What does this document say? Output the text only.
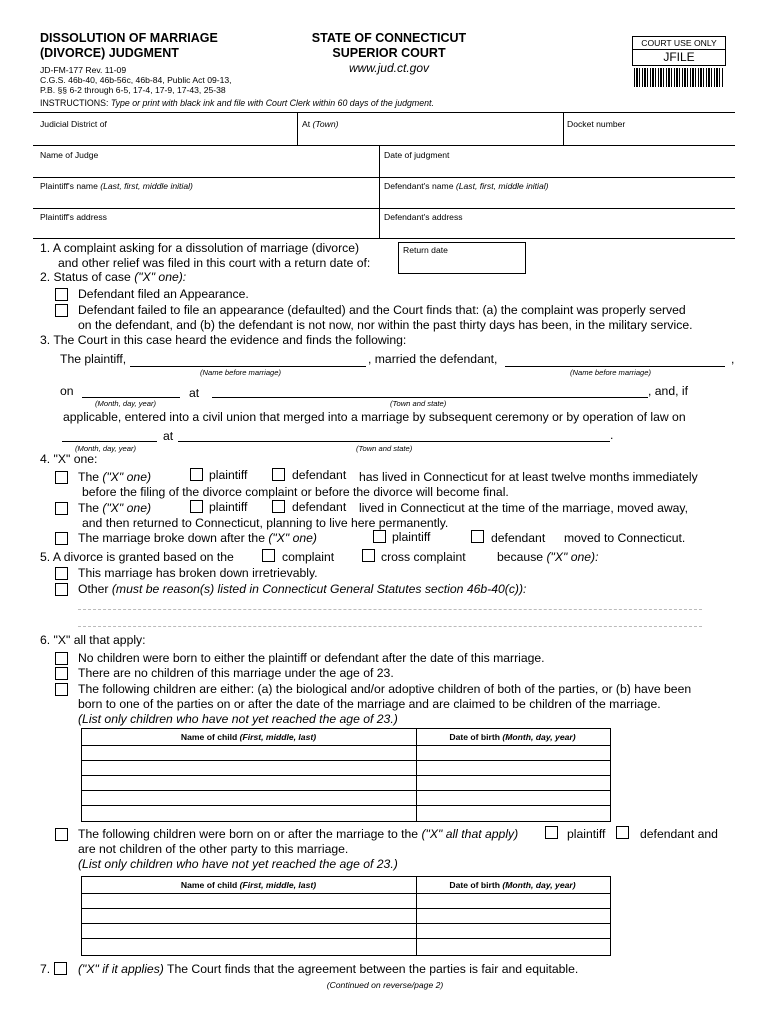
DISSOLUTION OF MARRIAGE
(DIVORCE) JUDGMENT
JD-FM-177 Rev. 11-09
C.G.S. 46b-40, 46b-56c, 46b-84, Public Act 09-13,
P.B. §§ 6-2 through 6-5, 17-4, 17-9, 17-43, 25-38
STATE OF CONNECTICUT
SUPERIOR COURT
www.jud.ct.gov
COURT USE ONLY
JFILE
INSTRUCTIONS: Type or print with black ink and file with Court Clerk within 60 days of the judgment.
Judicial District of	At (Town)	Docket number
Name of Judge	Date of judgment
Plaintiff's name (Last, first, middle initial)	Defendant's name (Last, first, middle initial)
Plaintiff's address	Defendant's address
1. A complaint asking for a dissolution of marriage (divorce)
and other relief was filed in this court with a return date of:
Return date
2. Status of case ("X" one):
Defendant filed an Appearance.
Defendant failed to file an appearance (defaulted) and the Court finds that: (a) the complaint was properly served
on the defendant, and (b) the defendant is not now, nor within the past thirty days has been, in the military service.
3. The Court in this case heard the evidence and finds the following:
The plaintiff,	, married the defendant,	,
(Name before marriage)	(Name before marriage)
on	at	, and, if
(Month, day, year)	(Town and state)
applicable, entered into a civil union that merged into a marriage by subsequent ceremony or by operation of law on
at	.
(Month, day, year)	(Town and state)
4. "X" one:
The ("X" one)	plaintiff	defendant has lived in Connecticut for at least twelve months immediately
before the filing of the divorce complaint or before the divorce will become final.
The ("X" one)	plaintiff	defendant lived in Connecticut at the time of the marriage, moved away,
and then returned to Connecticut, planning to live here permanently.
The marriage broke down after the ("X" one)	plaintiff	defendant moved to Connecticut.
5. A divorce is granted based on the	complaint	cross complaint	because ("X" one):
This marriage has broken down irretrievably.
Other (must be reason(s) listed in Connecticut General Statutes section 46b-40(c)):
6. "X" all that apply:
No children were born to either the plaintiff or defendant after the date of this marriage.
There are no children of this marriage under the age of 23.
The following children are either: (a) the biological and/or adoptive children of both of the parties, or (b) have been
born to one of the parties on or after the date of the marriage and are claimed to be children of the marriage.
(List only children who have not yet reached the age of 23.)
Name of child (First, middle, last)	Date of birth (Month, day, year)
The following children were born on or after the marriage to the ("X" all that apply)
are not children of the other party to this marriage.
(List only children who have not yet reached the age of 23.)
plaintiff	defendant and
Name of child (First, middle, last)	Date of birth (Month, day, year)
7. ("X" if it applies) The Court finds that the agreement between the parties is fair and equitable.
(Continued on reverse/page 2)
